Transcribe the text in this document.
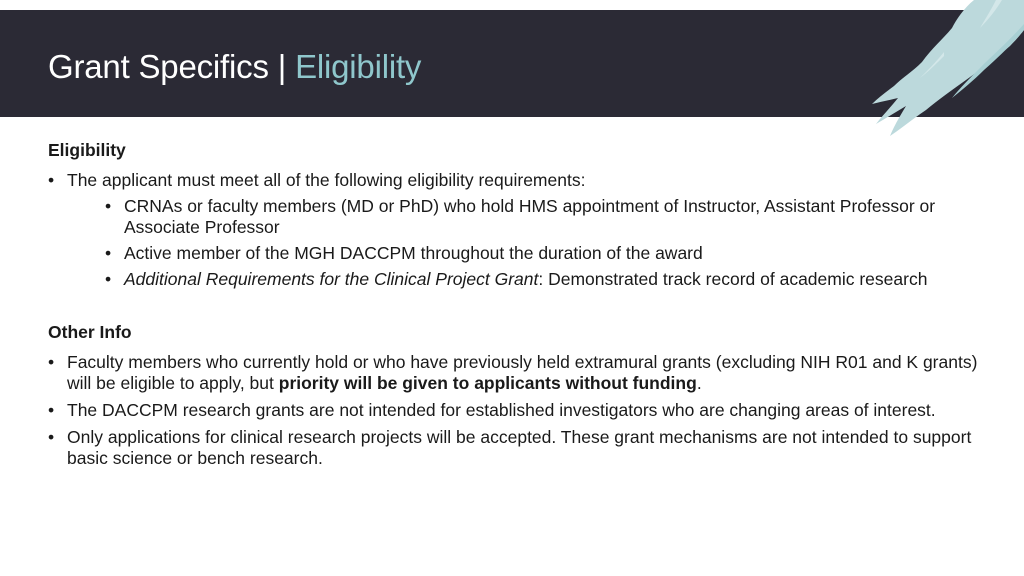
Grant Specifics | Eligibility
Eligibility
• The applicant must meet all of the following eligibility requirements:
• CRNAs or faculty members (MD or PhD) who hold HMS appointment of Instructor, Assistant Professor or Associate Professor
• Active member of the MGH DACCPM throughout the duration of the award
• Additional Requirements for the Clinical Project Grant: Demonstrated track record of academic research
Other Info
• Faculty members who currently hold or who have previously held extramural grants (excluding NIH R01 and K grants) will be eligible to apply, but priority will be given to applicants without funding.
• The DACCPM research grants are not intended for established investigators who are changing areas of interest.
• Only applications for clinical research projects will be accepted. These grant mechanisms are not intended to support basic science or bench research.
